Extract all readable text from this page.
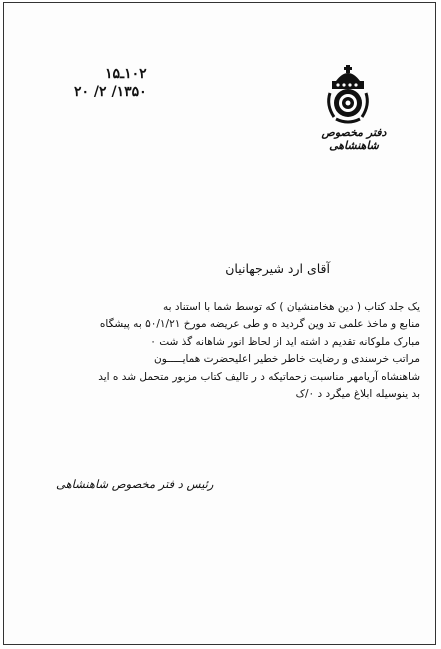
۱۰۲ـ۱۵
۱۳۵۰/ ۲/ ۲۰
دفتر مخصوص شاهنشاهی
آقای ارد شیرجهانیان
یک جلد کتاب ( دین هخامنشیان ) که توسط شما با استناد به
منابع و ماخذ علمی تد وین گردید ه و طی عریضه مورخ ۵۰/۱/۲۱ به پیشگاه
مبارک ملوکانه تقدیم د اشته اید از لحاظ انور شاهانه گذ شت ٠
مراتب خرسندی و رضایت خاطر خطیر اعلیحضرت همایـــــون
شاهنشاه آریامهر مناسبت زحماتیکه د ر تالیف کتاب مزبور متحمل شد ه اید
بد ینوسیله ابلاغ میگرد د ٠/ک
رئیس د فتر مخصوص شاهنشاهی
